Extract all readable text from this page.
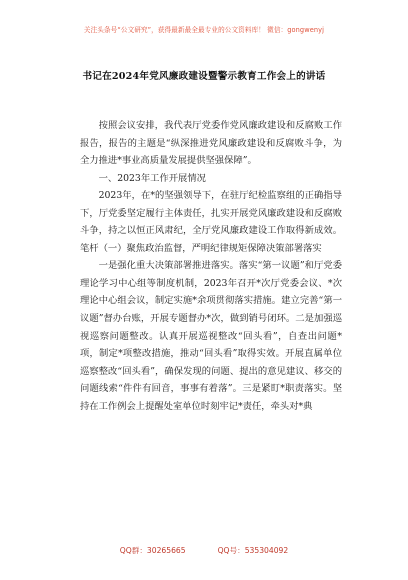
关注头条号“公文研究”，获得最新最全最专业的公文资料库！ 微信：gongwenyj
书记在2024年党风廉政建设暨警示教育工作会上的讲话

按照会议安排，我代表厅党委作党风廉政建设和反腐败工作报告，报告的主题是“纵深推进党风廉政建设和反腐败斗争，为全力推进*事业高质量发展提供坚强保障”。

一、2023年工作开展情况

2023年，在*的坚强领导下，在驻厅纪检监察组的正确指导下，厅党委坚定履行主体责任，扎实开展党风廉政建设和反腐败斗争，持之以恒正风肃纪，全厅党风廉政建设工作取得新成效。笔杆（一）聚焦政治监督，严明纪律规矩保障决策部署落实

一是强化重大决策部署推进落实。落实“第一议题”和厅党委理论学习中心组等制度机制，2023年召开*次厅党委会议、*次理论中心组会议，制定实施*余项贯彻落实措施。建立完善“第一议题”督办台账，开展专题督办*次，做到销号闭环。二是加强巡视巡察问题整改。认真开展巡视整改“回头看”，自查出问题*项，制定*项整改措施，推动“回头看”取得实效。开展直属单位巡察整改“回头看”，确保发现的问题、提出的意见建议、移交的问题线索“件件有回音，事事有着落”。三是紧盯*职责落实。坚持在工作例会上提醒处室单位时刻牢记*责任，牵头对*典

QQ群：30265665	QQ号：535304092
